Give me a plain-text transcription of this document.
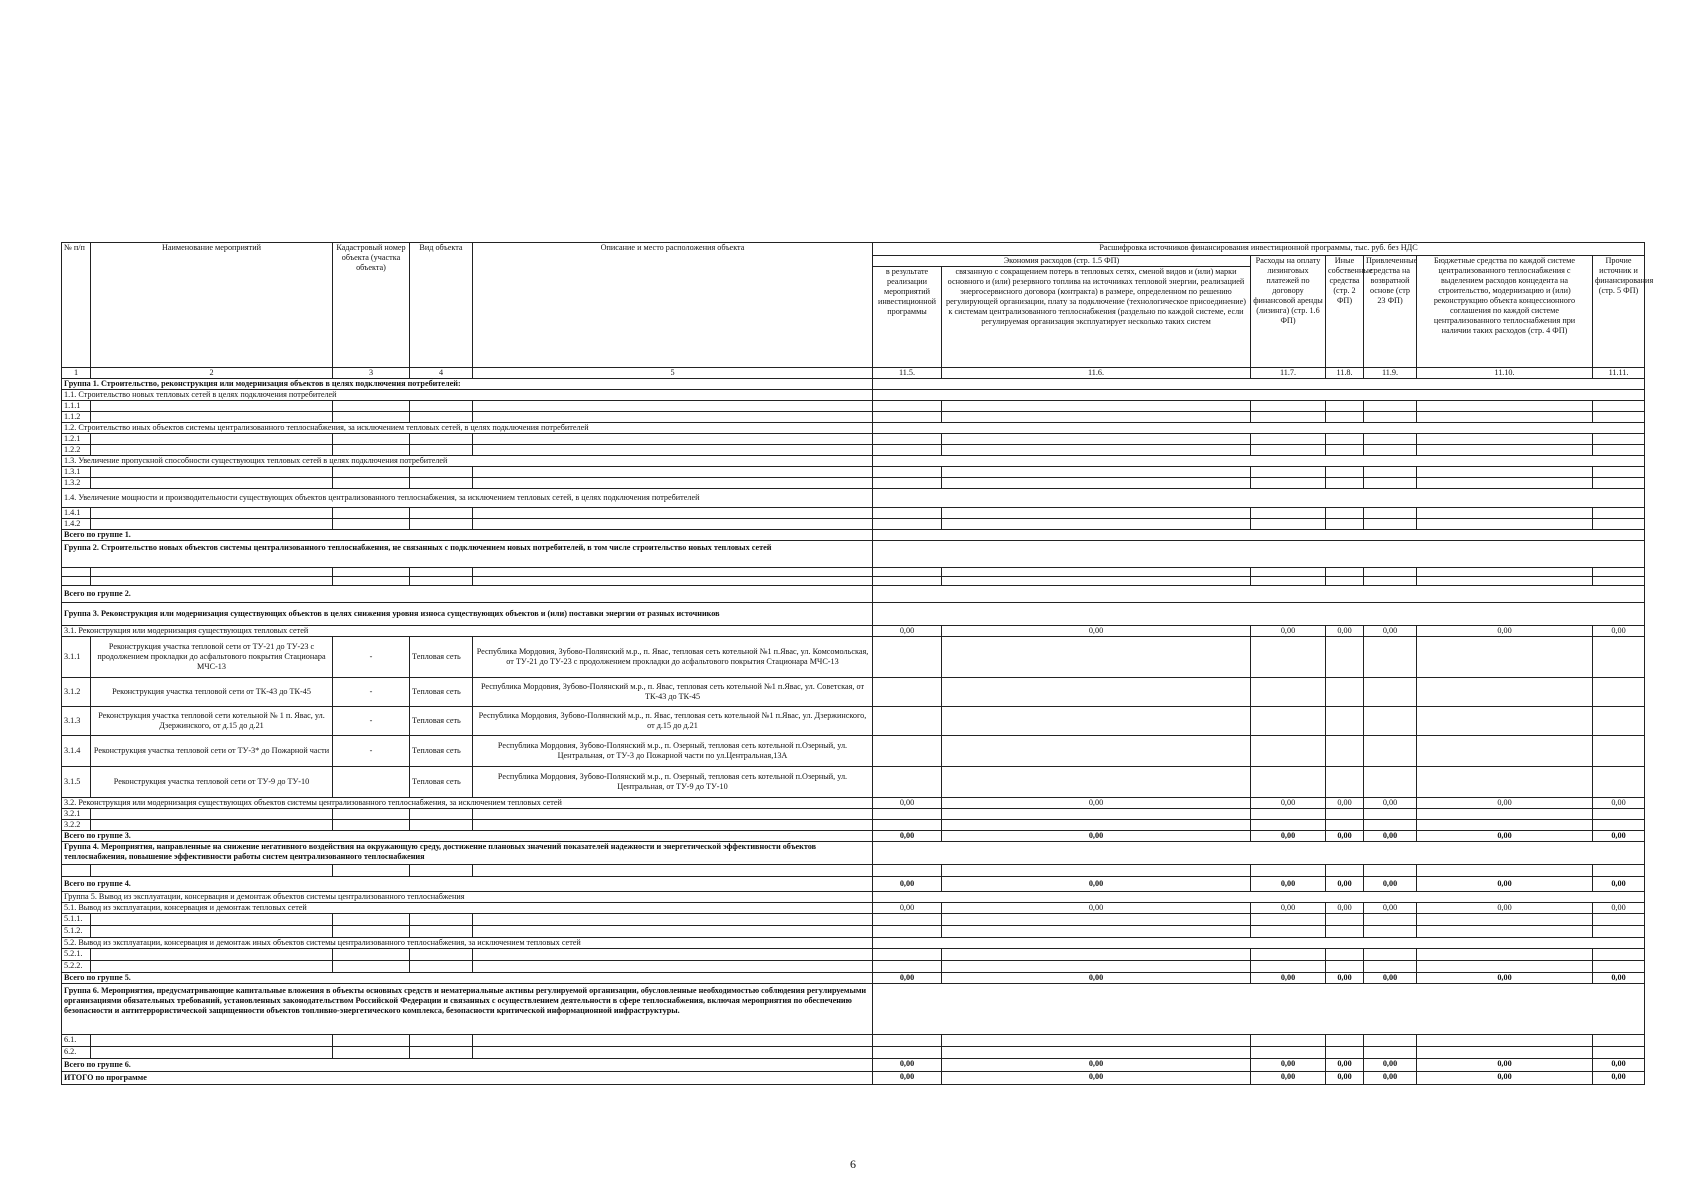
№ п/п	Наименование мероприятий	Кадастровый номер объекта (участка объекта)	Вид объекта	Описание и место расположения объекта	Расшифровка источников финансирования инвестиционной программы, тыс. руб. без НДС						
					Экономия расходов (стр. 1.5 ФП)		Расходы на оплату лизинговых платежей по договору финансовой аренды (лизинга) (стр. 1.6 ФП)	Иные собственные средства (стр. 2 ФП)	Привлеченные средства на возвратной основе (стр 23 ФП)	Бюджетные средства по каждой системе централизованного теплоснабжения с выделением расходов концедента на строительство, модернизацию и (или) реконструкцию объекта концессионного соглашения по каждой системе централизованного теплоснабжения при наличии таких расходов (стр. 4 ФП)	Прочие источник и финансирования (стр. 5 ФП)
					в результате реализации мероприятий инвестиционной программы	связанную с сокращением потерь в тепловых сетях, сменой видов и (или) марки основного и (или) резервного топлива на источниках тепловой энергии, реализацией энергосервисного договора (контракта) в размере, определенном по решению регулирующей организации, плату за подключение (технологическое присоединение) к системам централизованного теплоснабжения (раздельно по каждой системе, если регулируемая организация эксплуатирует несколько таких систем					
1	2	3	4	5	11.5.	11.6.	11.7.	11.8.	11.9.	11.10.	11.11.
Группа 1. Строительство, реконструкция или модернизация объектов в целях подключения потребителей:											
1.1. Строительство новых тепловых сетей в целях подключения потребителей											
1.1.1											
1.1.2											
1.2. Строительство иных объектов системы централизованного теплоснабжения, за исключением тепловых сетей, в целях подключения потребителей											
1.2.1											
1.2.2											
1.3. Увеличение пропускной способности существующих тепловых сетей в целях подключения потребителей											
1.3.1											
1.3.2											
1.4. Увеличение мощности и производительности существующих объектов централизованного теплоснабжения, за исключением тепловых сетей, в целях подключения потребителей											
1.4.1											
1.4.2											
Всего по группе 1.											
Группа 2. Строительство новых объектов системы централизованного теплоснабжения, не связанных с подключением новых потребителей, в том числе строительство новых тепловых сетей											

Всего по группе 2.											
Группа 3. Реконструкция или модернизация существующих объектов в целях снижения уровня износа существующих объектов и (или) поставки энергии от разных источников											
3.1. Реконструкция или модернизация существующих тепловых сетей					0,00	0,00	0,00	0,00	0,00	0,00	0,00
3.1.1	Реконструкция участка тепловой сети от ТУ-21 до ТУ-23 с продолжением прокладки до асфальтового покрытия Стационара МЧС-13	-	Тепловая сеть	Республика Мордовия, Зубово-Полянский м.р., п. Явас, тепловая сеть котельной №1 п.Явас, ул. Комсомольская, от ТУ-21 до ТУ-23 с продолжением прокладки до асфальтового покрытия Стационара МЧС-13							
3.1.2	Реконструкция участка тепловой сети от ТК-43 до ТК-45	-	Тепловая сеть	Республика Мордовия, Зубово-Полянский м.р., п. Явас, тепловая сеть котельной №1 п.Явас, ул. Советская, от ТК-43 до ТК-45							
3.1.3	Реконструкция участка тепловой сети котельной № 1 п. Явас, ул. Дзержинского, от д.15 до д.21	-	Тепловая сеть	Республика Мордовия, Зубово-Полянский м.р., п. Явас, тепловая сеть котельной №1 п.Явас, ул. Дзержинского, от д.15 до д.21							
3.1.4	Реконструкция участка тепловой сети от ТУ-3* до Пожарной части	-	Тепловая сеть	Республика Мордовия, Зубово-Полянский м.р., п. Озерный, тепловая сеть котельной п.Озерный, ул. Центральная, от ТУ-3 до Пожарной части по ул.Центральная,13А							
3.1.5	Реконструкция участка тепловой сети от ТУ-9 до ТУ-10		Тепловая сеть	Республика Мордовия, Зубово-Полянский м.р., п. Озерный, тепловая сеть котельной п.Озерный, ул. Центральная, от ТУ-9 до ТУ-10							
3.2. Реконструкция или модернизация существующих объектов системы централизованного теплоснабжения, за исключением тепловых сетей					0,00	0,00	0,00	0,00	0,00	0,00	0,00
3.2.1											
3.2.2											
Всего по группе 3.					0,00	0,00	0,00	0,00	0,00	0,00	0,00
Группа 4. Мероприятия, направленные на снижение негативного воздействия на окружающую среду, достижение плановых значений показателей надежности и энергетической эффективности объектов теплоснабжения, повышение эффективности работы систем централизованного теплоснабжения											

Всего по группе 4.					0,00	0,00	0,00	0,00	0,00	0,00	0,00
Группа 5. Вывод из эксплуатации, консервация и демонтаж объектов системы централизованного теплоснабжения											
5.1. Вывод из эксплуатации, консервация и демонтаж тепловых сетей					0,00	0,00	0,00	0,00	0,00	0,00	0,00
5.1.1.											
5.1.2.											
5.2. Вывод из эксплуатации, консервация и демонтаж иных объектов системы централизованного теплоснабжения, за исключением тепловых сетей											
5.2.1.											
5.2.2.											
Всего по группе 5.					0,00	0,00	0,00	0,00	0,00	0,00	0,00
Группа 6. Мероприятия, предусматривающие капитальные вложения в объекты основных средств и нематериальные активы регулируемой организации, обусловленные необходимостью соблюдения регулируемыми организациями обязательных требований, установленных законодательством Российской Федерации и связанных с осуществлением деятельности в сфере теплоснабжения, включая мероприятия по обеспечению безопасности и антитеррористической защищенности объектов топливно-энергетического комплекса, безопасности критической информационной инфраструктуры.											
6.1.											
6.2.											
Всего по группе 6.					0,00	0,00	0,00	0,00	0,00	0,00	0,00
ИТОГО по программе					0,00	0,00	0,00	0,00	0,00	0,00	0,00
6
